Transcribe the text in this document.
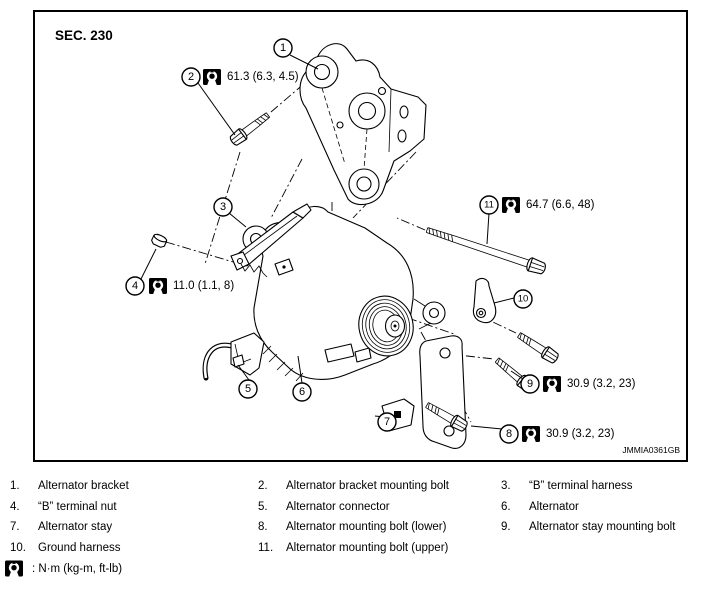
SEC. 230
1
2
3
4
5	6
7
8
9
10
11
61.3 (6.3, 4.5)
11.0 (1.1, 8)
64.7 (6.6, 48)
30.9 (3.2, 23)
30.9 (3.2, 23)
JMMIA0361GB
1.	Alternator bracket	2.	Alternator bracket mounting bolt	3.	“B” terminal harness
4.	“B” terminal nut	5.	Alternator connector	6.	Alternator
7.	Alternator stay	8.	Alternator mounting bolt (lower)	9.	Alternator stay mounting bolt
10.	Ground harness	11.	Alternator mounting bolt (upper)
: N·m (kg-m, ft-lb)
